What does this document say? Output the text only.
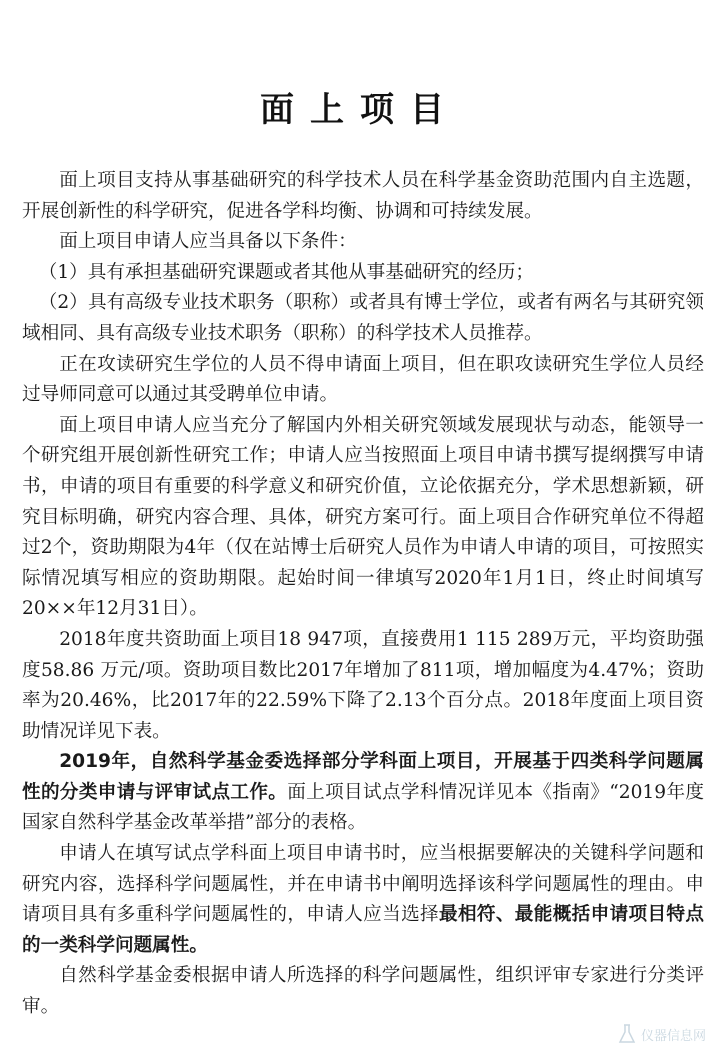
面上项目

面上项目支持从事基础研究的科学技术人员在科学基金资助范围内自主选题，开展创新性的科学研究，促进各学科均衡、协调和可持续发展。

面上项目申请人应当具备以下条件：

（1）具有承担基础研究课题或者其他从事基础研究的经历；

（2）具有高级专业技术职务（职称）或者具有博士学位，或者有两名与其研究领域相同、具有高级专业技术职务（职称）的科学技术人员推荐。

正在攻读研究生学位的人员不得申请面上项目，但在职攻读研究生学位人员经过导师同意可以通过其受聘单位申请。

面上项目申请人应当充分了解国内外相关研究领域发展现状与动态，能领导一个研究组开展创新性研究工作；申请人应当按照面上项目申请书撰写提纲撰写申请书，申请的项目有重要的科学意义和研究价值，立论依据充分，学术思想新颖，研究目标明确，研究内容合理、具体，研究方案可行。面上项目合作研究单位不得超过2个，资助期限为4年（仅在站博士后研究人员作为申请人申请的项目，可按照实际情况填写相应的资助期限。起始时间一律填写2020年1月1日，终止时间填写20××年12月31日）。

2018年度共资助面上项目18 947项，直接费用1 115 289万元，平均资助强度58.86 万元/项。资助项目数比2017年增加了811项，增加幅度为4.47%；资助率为20.46%，比2017年的22.59%下降了2.13个百分点。2018年度面上项目资助情况详见下表。

2019年，自然科学基金委选择部分学科面上项目，开展基于四类科学问题属性的分类申请与评审试点工作。面上项目试点学科情况详见本《指南》“2019年度国家自然科学基金改革举措”部分的表格。

申请人在填写试点学科面上项目申请书时，应当根据要解决的关键科学问题和研究内容，选择科学问题属性，并在申请书中阐明选择该科学问题属性的理由。申请项目具有多重科学问题属性的，申请人应当选择最相符、最能概括申请项目特点的一类科学问题属性。

自然科学基金委根据申请人所选择的科学问题属性，组织评审专家进行分类评审。

仪器信息网
